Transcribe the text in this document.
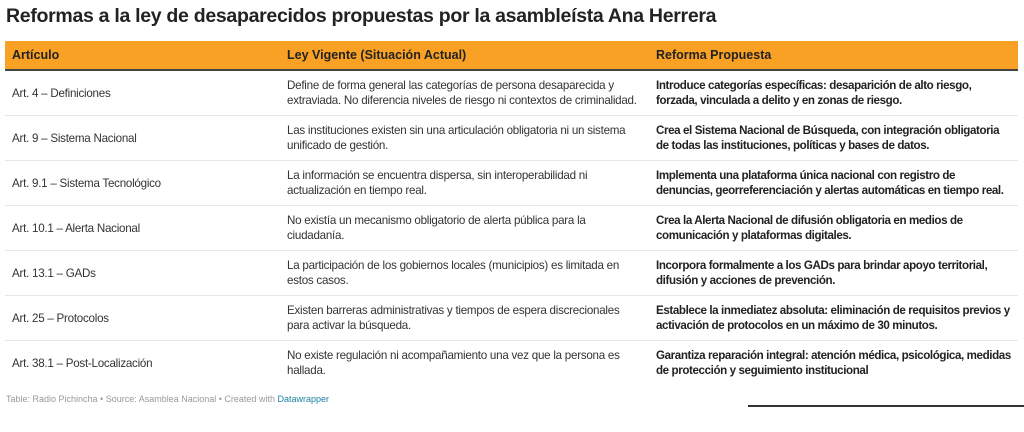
Reformas a la ley de desaparecidos propuestas por la asambleísta Ana Herrera
Artículo	Ley Vigente (Situación Actual)	Reforma Propuesta
Art. 4 – Definiciones	Define de forma general las categorías de persona desaparecida y extraviada. No diferencia niveles de riesgo ni contextos de criminalidad.	Introduce categorías específicas: desaparición de alto riesgo, forzada, vinculada a delito y en zonas de riesgo.
Art. 9 – Sistema Nacional	Las instituciones existen sin una articulación obligatoria ni un sistema unificado de gestión.	Crea el Sistema Nacional de Búsqueda, con integración obligatoria de todas las instituciones, políticas y bases de datos.
Art. 9.1 – Sistema Tecnológico	La información se encuentra dispersa, sin interoperabilidad ni actualización en tiempo real.	Implementa una plataforma única nacional con registro de denuncias, georreferenciación y alertas automáticas en tiempo real.
Art. 10.1 – Alerta Nacional	No existía un mecanismo obligatorio de alerta pública para la ciudadanía.	Crea la Alerta Nacional de difusión obligatoria en medios de comunicación y plataformas digitales.
Art. 13.1 – GADs	La participación de los gobiernos locales (municipios) es limitada en estos casos.	Incorpora formalmente a los GADs para brindar apoyo territorial, difusión y acciones de prevención.
Art. 25 – Protocolos	Existen barreras administrativas y tiempos de espera discrecionales para activar la búsqueda.	Establece la inmediatez absoluta: eliminación de requisitos previos y activación de protocolos en un máximo de 30 minutos.
Art. 38.1 – Post-Localización	No existe regulación ni acompañamiento una vez que la persona es hallada.	Garantiza reparación integral: atención médica, psicológica, medidas de protección y seguimiento institucional
Table: Radio Pichincha • Source: Asamblea Nacional • Created with Datawrapper
